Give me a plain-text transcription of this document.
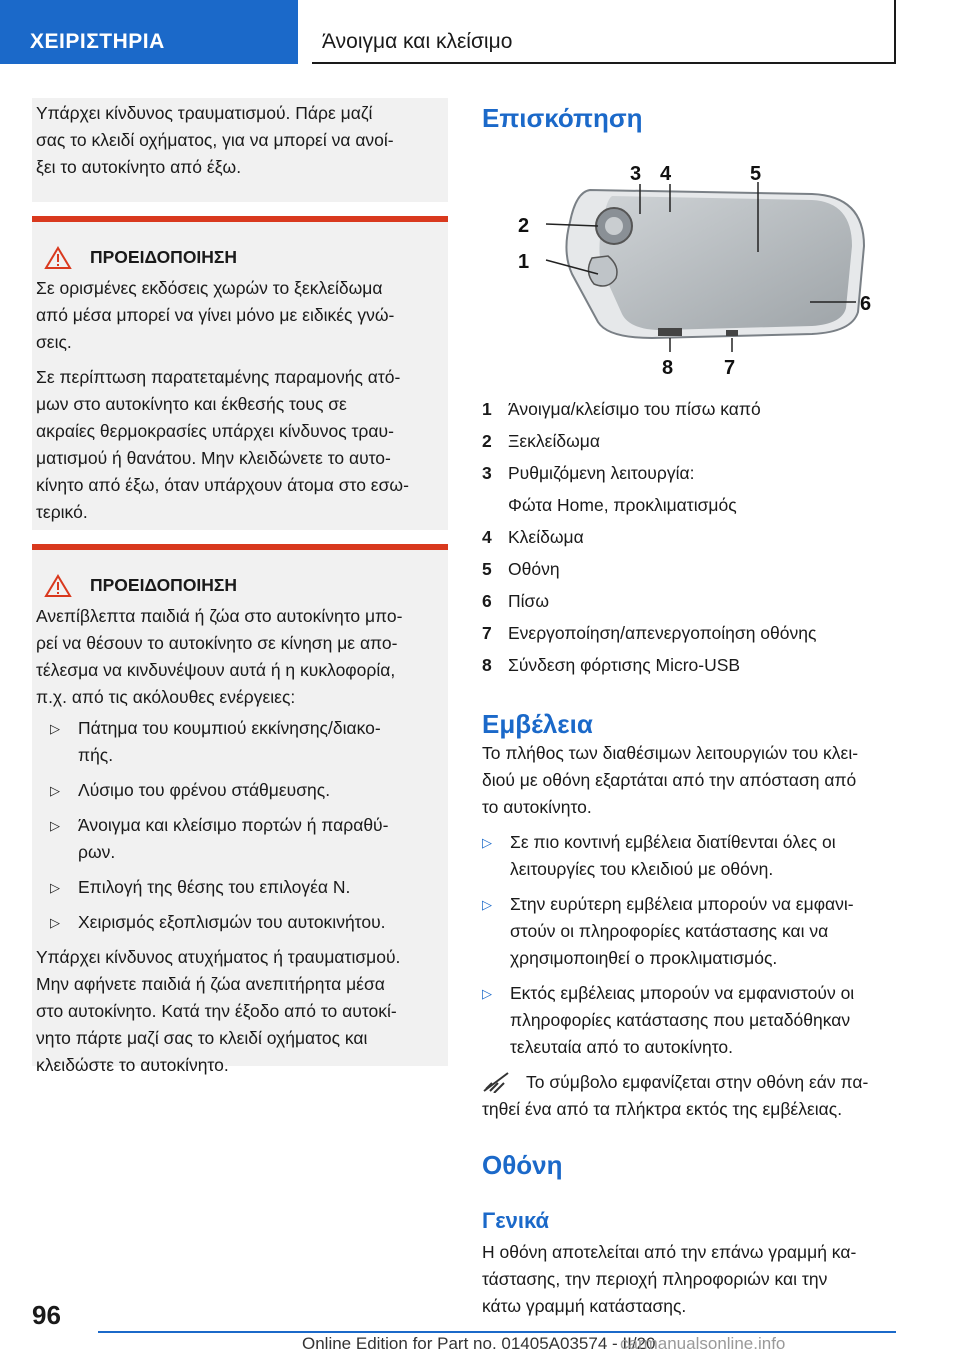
ΧΕΙΡΙΣΤΗΡΙΑ	Άνοιγμα και κλείσιμο
Υπάρχει κίνδυνος τραυματισμού. Πάρε μαζί
σας το κλειδί οχήματος, για να μπορεί να ανοί-
ξει το αυτοκίνητο από έξω.
ΠΡΟΕΙΔΟΠΟΙΗΣΗ
Σε ορισμένες εκδόσεις χωρών το ξεκλείδωμα
από μέσα μπορεί να γίνει μόνο με ειδικές γνώ-
σεις.
Σε περίπτωση παρατεταμένης παραμονής ατό-
μων στο αυτοκίνητο και έκθεσής τους σε
ακραίες θερμοκρασίες υπάρχει κίνδυνος τραυ-
ματισμού ή θανάτου. Μην κλειδώνετε το αυτο-
κίνητο από έξω, όταν υπάρχουν άτομα στο εσω-
τερικό.
ΠΡΟΕΙΔΟΠΟΙΗΣΗ
Ανεπίβλεπτα παιδιά ή ζώα στο αυτοκίνητο μπο-
ρεί να θέσουν το αυτοκίνητο σε κίνηση με απο-
τέλεσμα να κινδυνέψουν αυτά ή η κυκλοφορία,
π.χ. από τις ακόλουθες ενέργειες:
▷ Πάτημα του κουμπιού εκκίνησης/διακο-
πής.
▷ Λύσιμο του φρένου στάθμευσης.
▷ Άνοιγμα και κλείσιμο πορτών ή παραθύ-
ρων.
▷ Επιλογή της θέσης του επιλογέα N.
▷ Χειρισμός εξοπλισμών του αυτοκινήτου.
Υπάρχει κίνδυνος ατυχήματος ή τραυματισμού.
Μην αφήνετε παιδιά ή ζώα ανεπιτήρητα μέσα
στο αυτοκίνητο. Κατά την έξοδο από το αυτοκί-
νητο πάρτε μαζί σας το κλειδί οχήματος και
κλειδώστε το αυτοκίνητο.
Επισκόπηση
1
2
3 4	5
6
7
8
1 Άνοιγμα/κλείσιμο του πίσω καπό
2 Ξεκλείδωμα
3 Ρυθμιζόμενη λειτουργία:
Φώτα Home, προκλιματισμός
4 Κλείδωμα
5 Οθόνη
6 Πίσω
7 Ενεργοποίηση/απενεργοποίηση οθόνης
8 Σύνδεση φόρτισης Micro-USB
Εμβέλεια
Το πλήθος των διαθέσιμων λειτουργιών του κλει-
διού με οθόνη εξαρτάται από την απόσταση από
το αυτοκίνητο.
▷ Σε πιο κοντινή εμβέλεια διατίθενται όλες οι
λειτουργίες του κλειδιού με οθόνη.
▷ Στην ευρύτερη εμβέλεια μπορούν να εμφανι-
στούν οι πληροφορίες κατάστασης και να
χρησιμοποιηθεί ο προκλιματισμός.
▷ Εκτός εμβέλειας μπορούν να εμφανιστούν οι
πληροφορίες κατάστασης που μεταδόθηκαν
τελευταία από το αυτοκίνητο.
Το σύμβολο εμφανίζεται στην οθόνη εάν πα-
τηθεί ένα από τα πλήκτρα εκτός της εμβέλειας.
Οθόνη
Γενικά
Η οθόνη αποτελείται από την επάνω γραμμή κα-
τάστασης, την περιοχή πληροφοριών και την
κάτω γραμμή κατάστασης.
96
Online Edition for Part no. 01405A03574 - II/20
carmanualsonline.info
